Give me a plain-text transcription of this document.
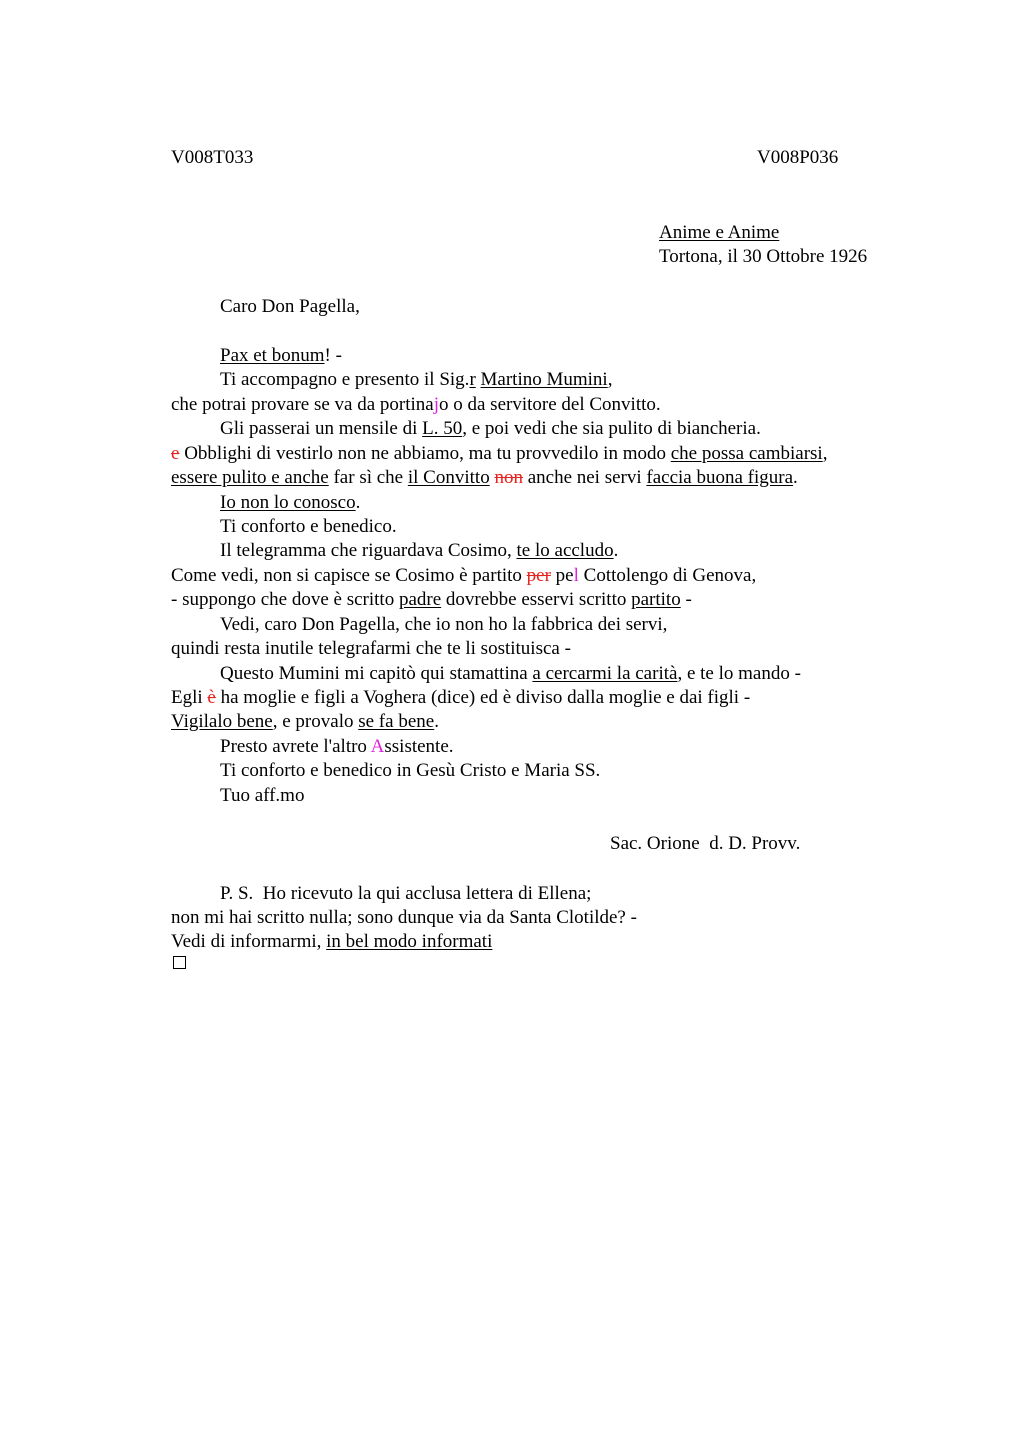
V008T033	V008P036
Anime e Anime
Tortona, il 30 Ottobre 1926
Caro Don Pagella,
Pax et bonum! -
Ti accompagno e presento il Sig.r Martino Mumini,
che potrai provare se va da portinajo o da servitore del Convitto.
Gli passerai un mensile di L. 50, e poi vedi che sia pulito di biancheria.
e Obblighi di vestirlo non ne abbiamo, ma tu provvedilo in modo che possa cambiarsi,
essere pulito e anche far sì che il Convitto non anche nei servi faccia buona figura.
Io non lo conosco.
Ti conforto e benedico.
Il telegramma che riguardava Cosimo, te lo accludo.
Come vedi, non si capisce se Cosimo è partito per pel Cottolengo di Genova,
- suppongo che dove è scritto padre dovrebbe esservi scritto partito -
Vedi, caro Don Pagella, che io non ho la fabbrica dei servi,
quindi resta inutile telegrafarmi che te li sostituisca -
Questo Mumini mi capitò qui stamattina a cercarmi la carità, e te lo mando -
Egli è ha moglie e figli a Voghera (dice) ed è diviso dalla moglie e dai figli -
Vigilalo bene, e provalo se fa bene.
Presto avrete l'altro Assistente.
Ti conforto e benedico in Gesù Cristo e Maria SS.
Tuo aff.mo
Sac. Orione  d. D. Provv.
P. S.  Ho ricevuto la qui acclusa lettera di Ellena;
non mi hai scritto nulla; sono dunque via da Santa Clotilde? -
Vedi di informarmi, in bel modo informati
